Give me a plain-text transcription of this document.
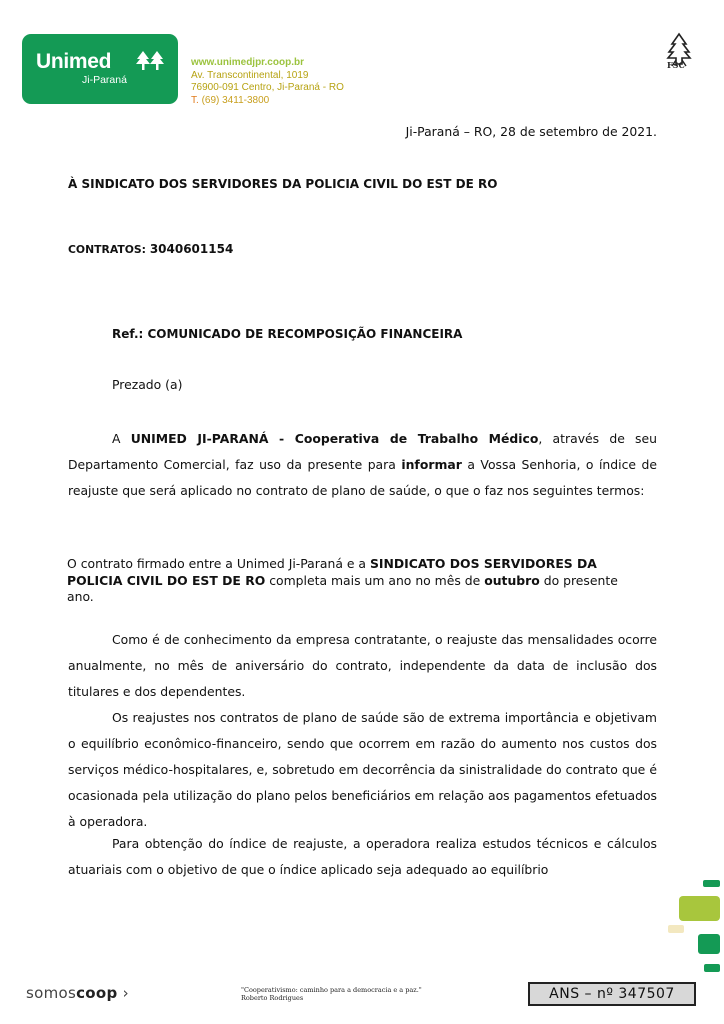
Unimed
Ji-Paraná
www.unimedjpr.coop.br
Av. Transcontinental, 1019
76900-091 Centro, Ji-Paraná - RO
T. (69) 3411-3800
FSC
Ji-Paraná – RO, 28 de setembro de 2021.
À SINDICATO DOS SERVIDORES DA POLICIA CIVIL DO EST DE RO
CONTRATOS: 3040601154
Ref.: COMUNICADO DE RECOMPOSIÇÃO FINANCEIRA
Prezado (a)

A UNIMED JI-PARANÁ - Cooperativa de Trabalho Médico, através de seu Departamento Comercial, faz uso da presente para informar a Vossa Senhoria, o índice de reajuste que será aplicado no contrato de plano de saúde, o que o faz nos seguintes termos:

O contrato firmado entre a Unimed Ji-Paraná e a SINDICATO DOS SERVIDORES DA POLICIA CIVIL DO EST DE RO completa mais um ano no mês de outubro do presente ano.

Como é de conhecimento da empresa contratante, o reajuste das mensalidades ocorre anualmente, no mês de aniversário do contrato, independente da data de inclusão dos titulares e dos dependentes.

Os reajustes nos contratos de plano de saúde são de extrema importância e objetivam o equilíbrio econômico-financeiro, sendo que ocorrem em razão do aumento nos custos dos serviços médico-hospitalares, e, sobretudo em decorrência da sinistralidade do contrato que é ocasionada pela utilização do plano pelos beneficiários em relação aos pagamentos efetuados à operadora.

Para obtenção do índice de reajuste, a operadora realiza estudos técnicos e cálculos atuariais com o objetivo de que o índice aplicado seja adequado ao equilíbrio

somoscoop ›	"Cooperativismo: caminho para a democracia e a paz."
Roberto Rodrigues	ANS – nº 347507
